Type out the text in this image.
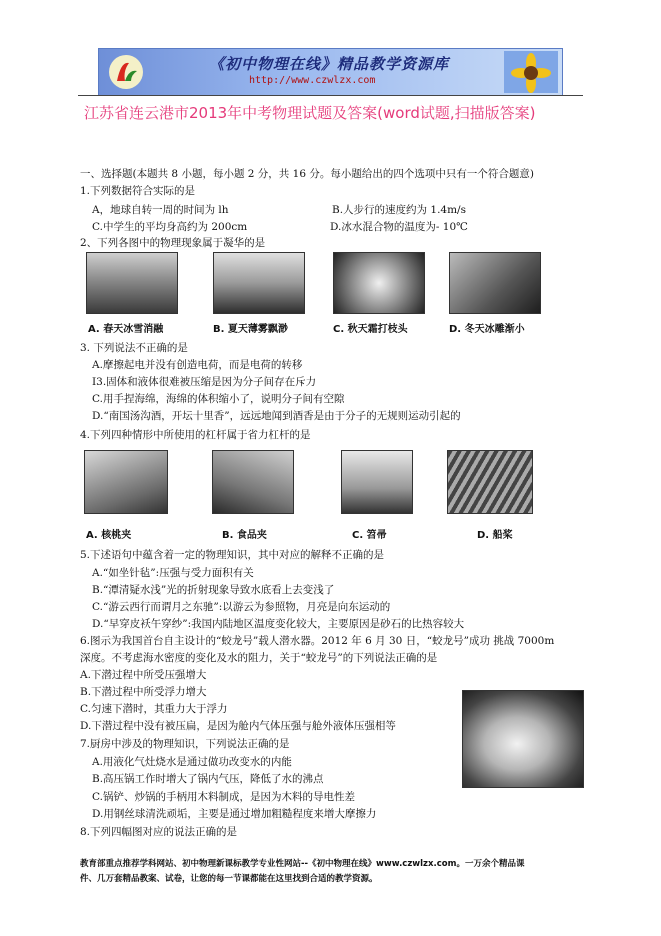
《初中物理在线》精品教学资源库
http://www.czwlzx.com
江苏省连云港市2013年中考物理试题及答案(word试题,扫描版答案)
一、选择题(本题共 8 小题，每小题 2 分，共 16 分。每小题给出的四个选项中只有一个符合题意)
1.下列数据符合实际的是
A，地球自转一周的时间为 lh	B.人步行的速度约为 1.4m/s
C.中学生的平均身高约为 200cm	D.冰水混合物的温度为- 10℃
2、下列各图中的物理现象属于凝华的是
A. 春天冰雪消融	B. 夏天薄雾飘渺	C. 秋天霜打枝头	D. 冬天冰雕渐小
3. 下列说法不正确的是
A.摩擦起电并没有创造电荷，而是电荷的转移
I3.固体和液体很难被压缩是因为分子间存在斥力
C.用手捏海绵，海绵的体积缩小了，说明分子间有空隙
D.“南国汤沟酒，开坛十里香”，远远地闻到酒香是由于分子的无规则运动引起的
4.下列四种情形中所使用的杠杆属于省力杠杆的是
A. 核桃夹	B. 食品夹	C. 笤帚	D. 船桨
5.下述语句中蕴含着一定的物理知识，其中对应的解释不正确的是
A.“如坐针毡”:压强与受力面积有关
B.“潭清疑水浅”光的折射现象导致水底看上去变浅了
C.“游云西行而谓月之东驰”:以游云为参照物，月亮是向东运动的
D.“早穿皮袄午穿纱”:我国内陆地区温度变化较大，主要原因是砂石的比热容较大
6.图示为我国首台自主设计的“蛟龙号”载人潜水器。2012 年 6 月 30 日，“蛟龙号”成功 挑战 7000m
深度。不考虑海水密度的变化及水的阻力，关于“蛟龙号”的下列说法正确的是
A.下潜过程中所受压强增大
B.下潜过程中所受浮力增大
C.匀速下潜时，其重力大于浮力
D.下潜过程中没有被压扁，是因为舱内气体压强与舱外液体压强相等
7.厨房中涉及的物理知识，下列说法正确的是
A.用液化气灶烧水是通过做功改变水的内能
B.高压锅工作时增大了锅内气压，降低了水的沸点
C.锅铲、炒锅的手柄用木料制成，是因为木料的导电性差
D.用钢丝球清洗顽垢，主要是通过增加粗糙程度来增大摩擦力
8.下列四幅图对应的说法正确的是
教育部重点推荐学科网站、初中物理新课标教学专业性网站--《初中物理在线》www.czwlzx.com。一万余个精品课
件、几万套精品教案、试卷，让您的每一节课都能在这里找到合适的教学资源。
